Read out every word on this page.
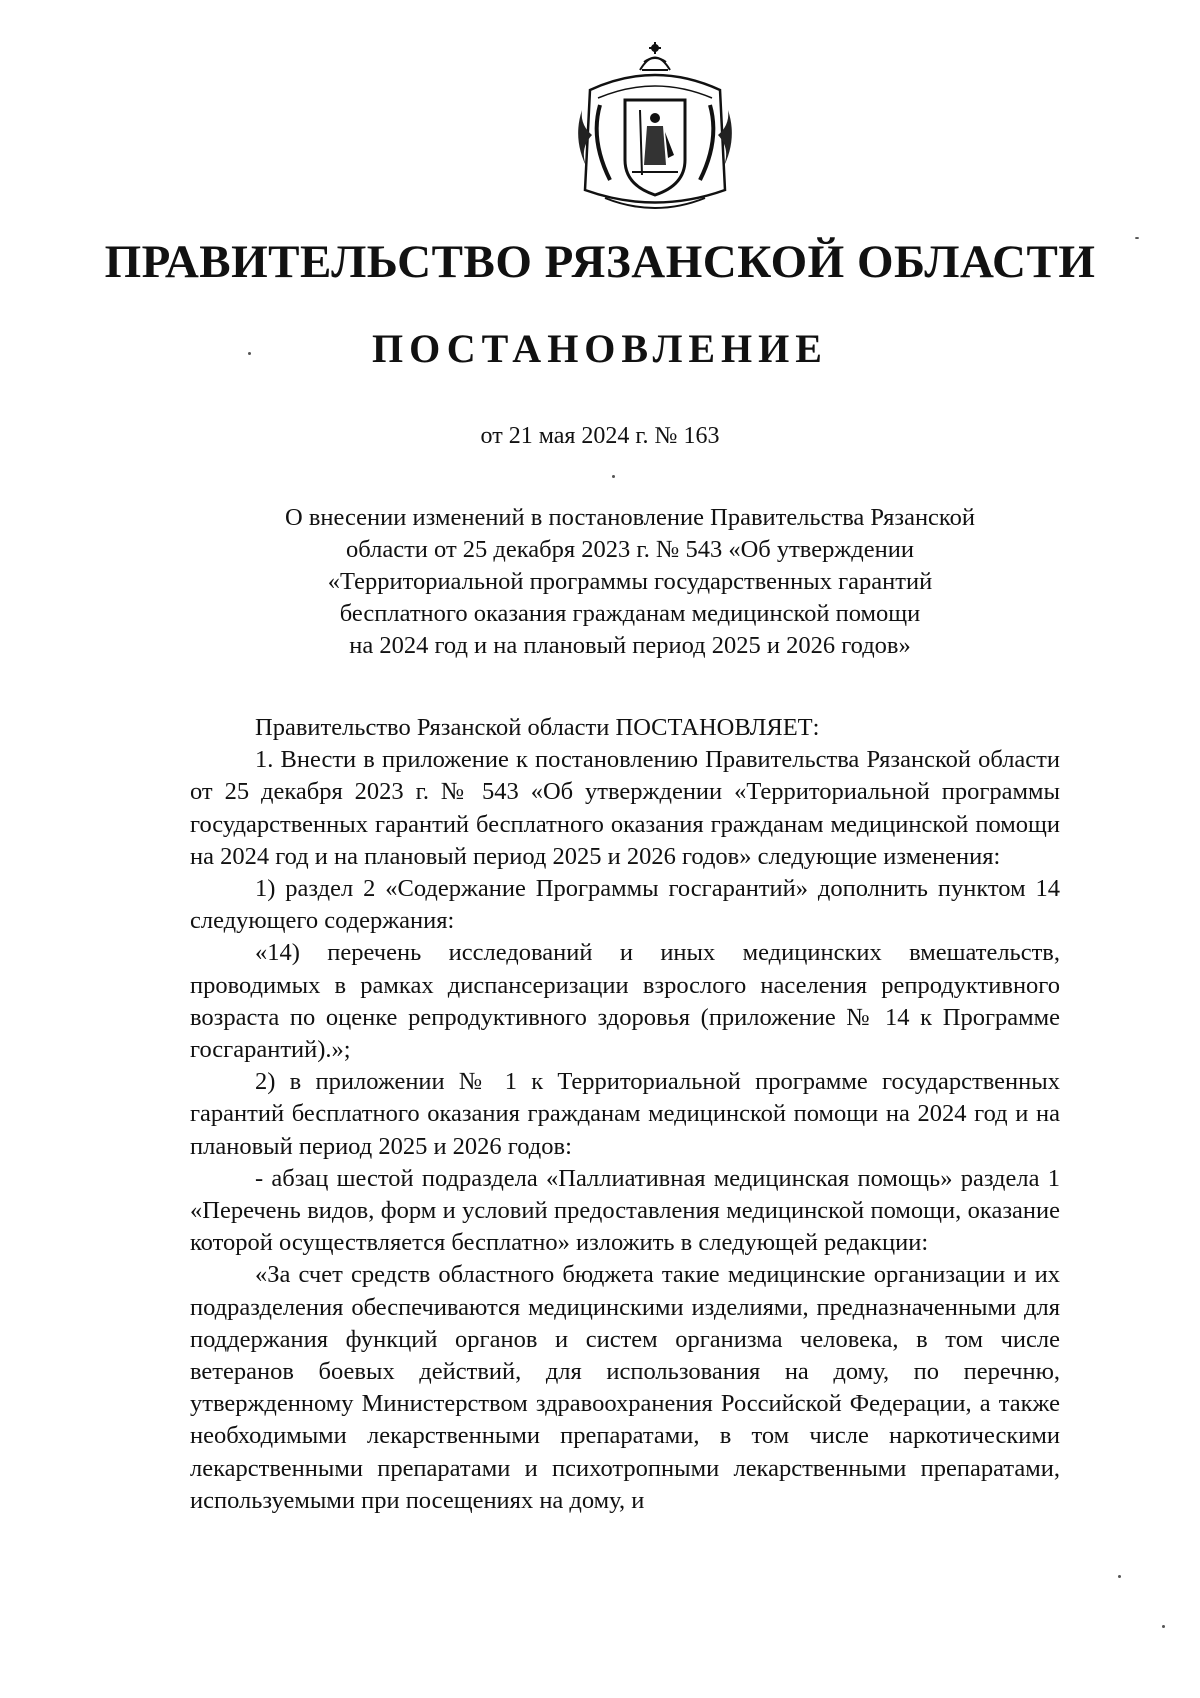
ПРАВИТЕЛЬСТВО РЯЗАНСКОЙ ОБЛАСТИ
ПОСТАНОВЛЕНИЕ
от 21 мая 2024 г. № 163
О внесении изменений в постановление Правительства Рязанской
области от 25 декабря 2023 г. № 543 «Об утверждении
«Территориальной программы государственных гарантий
бесплатного оказания гражданам медицинской помощи
на 2024 год и на плановый период 2025 и 2026 годов»

Правительство Рязанской области ПОСТАНОВЛЯЕТ:

1. Внести в приложение к постановлению Правительства Рязанской области от 25 декабря 2023 г. № 543 «Об утверждении «Территориальной программы государственных гарантий бесплатного оказания гражданам медицинской помощи на 2024 год и на плановый период 2025 и 2026 годов» следующие изменения:

1) раздел 2 «Содержание Программы госгарантий» дополнить пунктом 14 следующего содержания:

«14) перечень исследований и иных медицинских вмешательств, проводимых в рамках диспансеризации взрослого населения репродуктивного возраста по оценке репродуктивного здоровья (приложение № 14 к Программе госгарантий).»;

2) в приложении № 1 к Территориальной программе государственных гарантий бесплатного оказания гражданам медицинской помощи на 2024 год и на плановый период 2025 и 2026 годов:

- абзац шестой подраздела «Паллиативная медицинская помощь» раздела 1 «Перечень видов, форм и условий предоставления медицинской помощи, оказание которой осуществляется бесплатно» изложить в следующей редакции:

«За счет средств областного бюджета такие медицинские организации и их подразделения обеспечиваются медицинскими изделиями, предназначенными для поддержания функций органов и систем организма человека, в том числе ветеранов боевых действий, для использования на дому, по перечню, утвержденному Министерством здравоохранения Российской Федерации, а также необходимыми лекарственными препаратами, в том числе наркотическими лекарственными препаратами и психотропными лекарственными препаратами, используемыми при посещениях на дому, и
